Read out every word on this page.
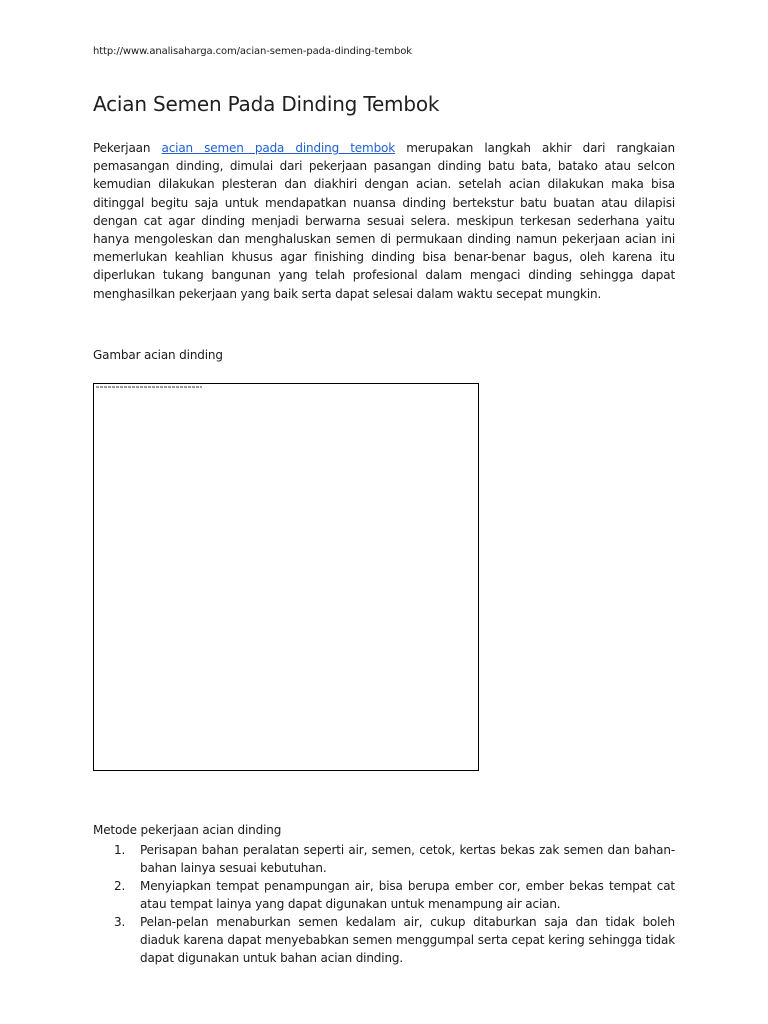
http://www.analisaharga.com/acian-semen-pada-dinding-tembok
Acian Semen Pada Dinding Tembok

Pekerjaan acian semen pada dinding tembok merupakan langkah akhir dari rangkaian pemasangan dinding, dimulai dari pekerjaan pasangan dinding batu bata, batako atau selcon kemudian dilakukan plesteran dan diakhiri dengan acian. setelah acian dilakukan maka bisa ditinggal begitu saja untuk mendapatkan nuansa dinding bertekstur batu buatan atau dilapisi dengan cat agar dinding menjadi berwarna sesuai selera. meskipun terkesan sederhana yaitu hanya mengoleskan dan menghaluskan semen di permukaan dinding namun pekerjaan acian ini memerlukan keahlian khusus agar finishing dinding bisa benar-benar bagus, oleh karena itu diperlukan tukang bangunan yang telah profesional dalam mengaci dinding sehingga dapat menghasilkan pekerjaan yang baik serta dapat selesai dalam waktu secepat mungkin.

Gambar acian dinding

Metode pekerjaan acian dinding

1. Perisapan bahan peralatan seperti air, semen, cetok, kertas bekas zak semen dan bahan-bahan lainya sesuai kebutuhan.
2. Menyiapkan tempat penampungan air, bisa berupa ember cor, ember bekas tempat cat atau tempat lainya yang dapat digunakan untuk menampung air acian.
3. Pelan-pelan menaburkan semen kedalam air, cukup ditaburkan saja dan tidak boleh diaduk karena dapat menyebabkan semen menggumpal serta cepat kering sehingga tidak dapat digunakan untuk bahan acian dinding.
